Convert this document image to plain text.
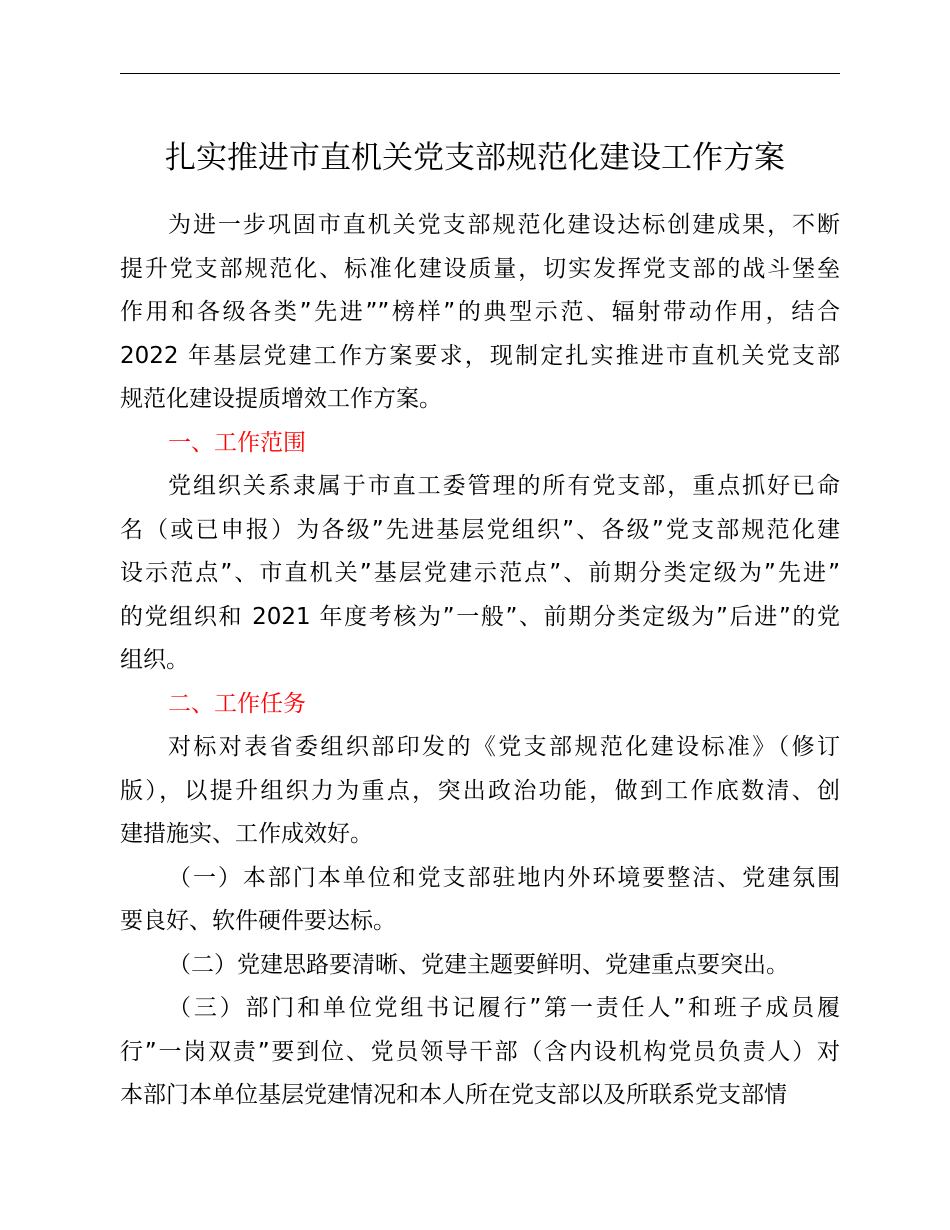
扎实推进市直机关党支部规范化建设工作方案

为进一步巩固市直机关党支部规范化建设达标创建成果，不断
提升党支部规范化、标准化建设质量，切实发挥党支部的战斗堡垒
作用和各级各类”先进””榜样”的典型示范、辐射带动作用，结合
2022 年基层党建工作方案要求，现制定扎实推进市直机关党支部
规范化建设提质增效工作方案。

一、工作范围

党组织关系隶属于市直工委管理的所有党支部，重点抓好已命
名（或已申报）为各级”先进基层党组织”、各级”党支部规范化建
设示范点”、市直机关”基层党建示范点”、前期分类定级为”先进”
的党组织和 2021 年度考核为”一般”、前期分类定级为”后进”的党
组织。

二、工作任务

对标对表省委组织部印发的《党支部规范化建设标准》（修订
版），以提升组织力为重点，突出政治功能，做到工作底数清、创
建措施实、工作成效好。

（一）本部门本单位和党支部驻地内外环境要整洁、党建氛围
要良好、软件硬件要达标。

（二）党建思路要清晰、党建主题要鲜明、党建重点要突出。

（三）部门和单位党组书记履行”第一责任人”和班子成员履
行”一岗双责”要到位、党员领导干部（含内设机构党员负责人）对
本部门本单位基层党建情况和本人所在党支部以及所联系党支部情
